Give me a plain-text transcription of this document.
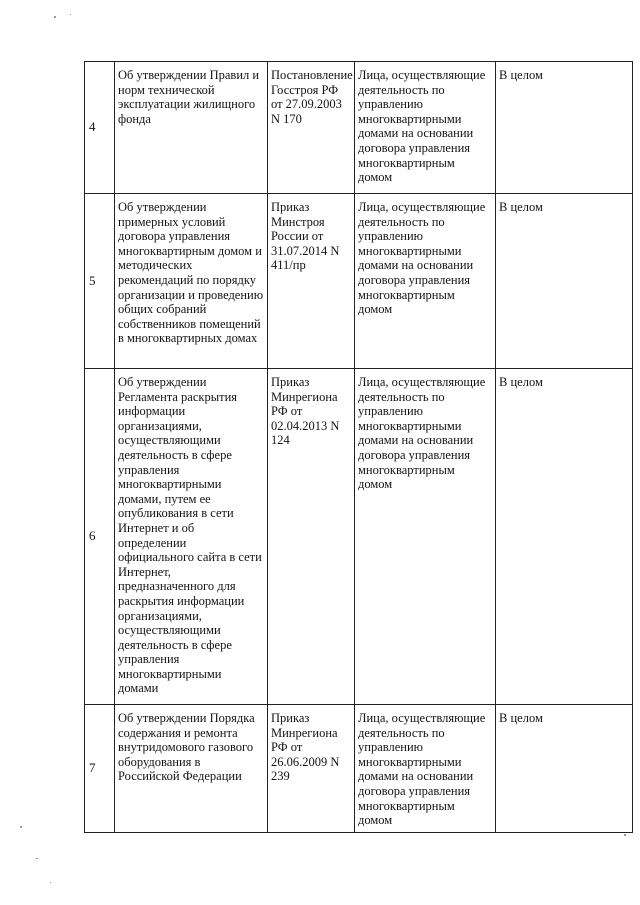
4	Об утверждении Правил и норм технической эксплуатации жилищного фонда	Постановление Госстроя РФ от 27.09.2003 N 170	Лица, осуществляющие деятельность по управлению многоквартирными домами на основании договора управления многоквартирным домом	В целом

5	Об утверждении примерных условий договора управления многоквартирным домом и методических рекомендаций по порядку организации и проведению общих собраний собственников помещений в многоквартирных домах	Приказ Минстроя России от 31.07.2014 N 411/пр	Лица, осуществляющие деятельность по управлению многоквартирными домами на основании договора управления многоквартирным домом	В целом

6	Об утверждении Регламента раскрытия информации организациями, осуществляющими деятельность в сфере управления многоквартирными домами, путем ее опубликования в сети Интернет и об определении официального сайта в сети Интернет, предназначенного для раскрытия информации организациями, осуществляющими деятельность в сфере управления многоквартирными домами	Приказ Минрегиона РФ от 02.04.2013 N 124	Лица, осуществляющие деятельность по управлению многоквартирными домами на основании договора управления многоквартирным домом	В целом

7	Об утверждении Порядка содержания и ремонта внутридомового газового оборудования в Российской Федерации	Приказ Минрегиона РФ от 26.06.2009 N 239	Лица, осуществляющие деятельность по управлению многоквартирными домами на основании договора управления многоквартирным домом	В целом
